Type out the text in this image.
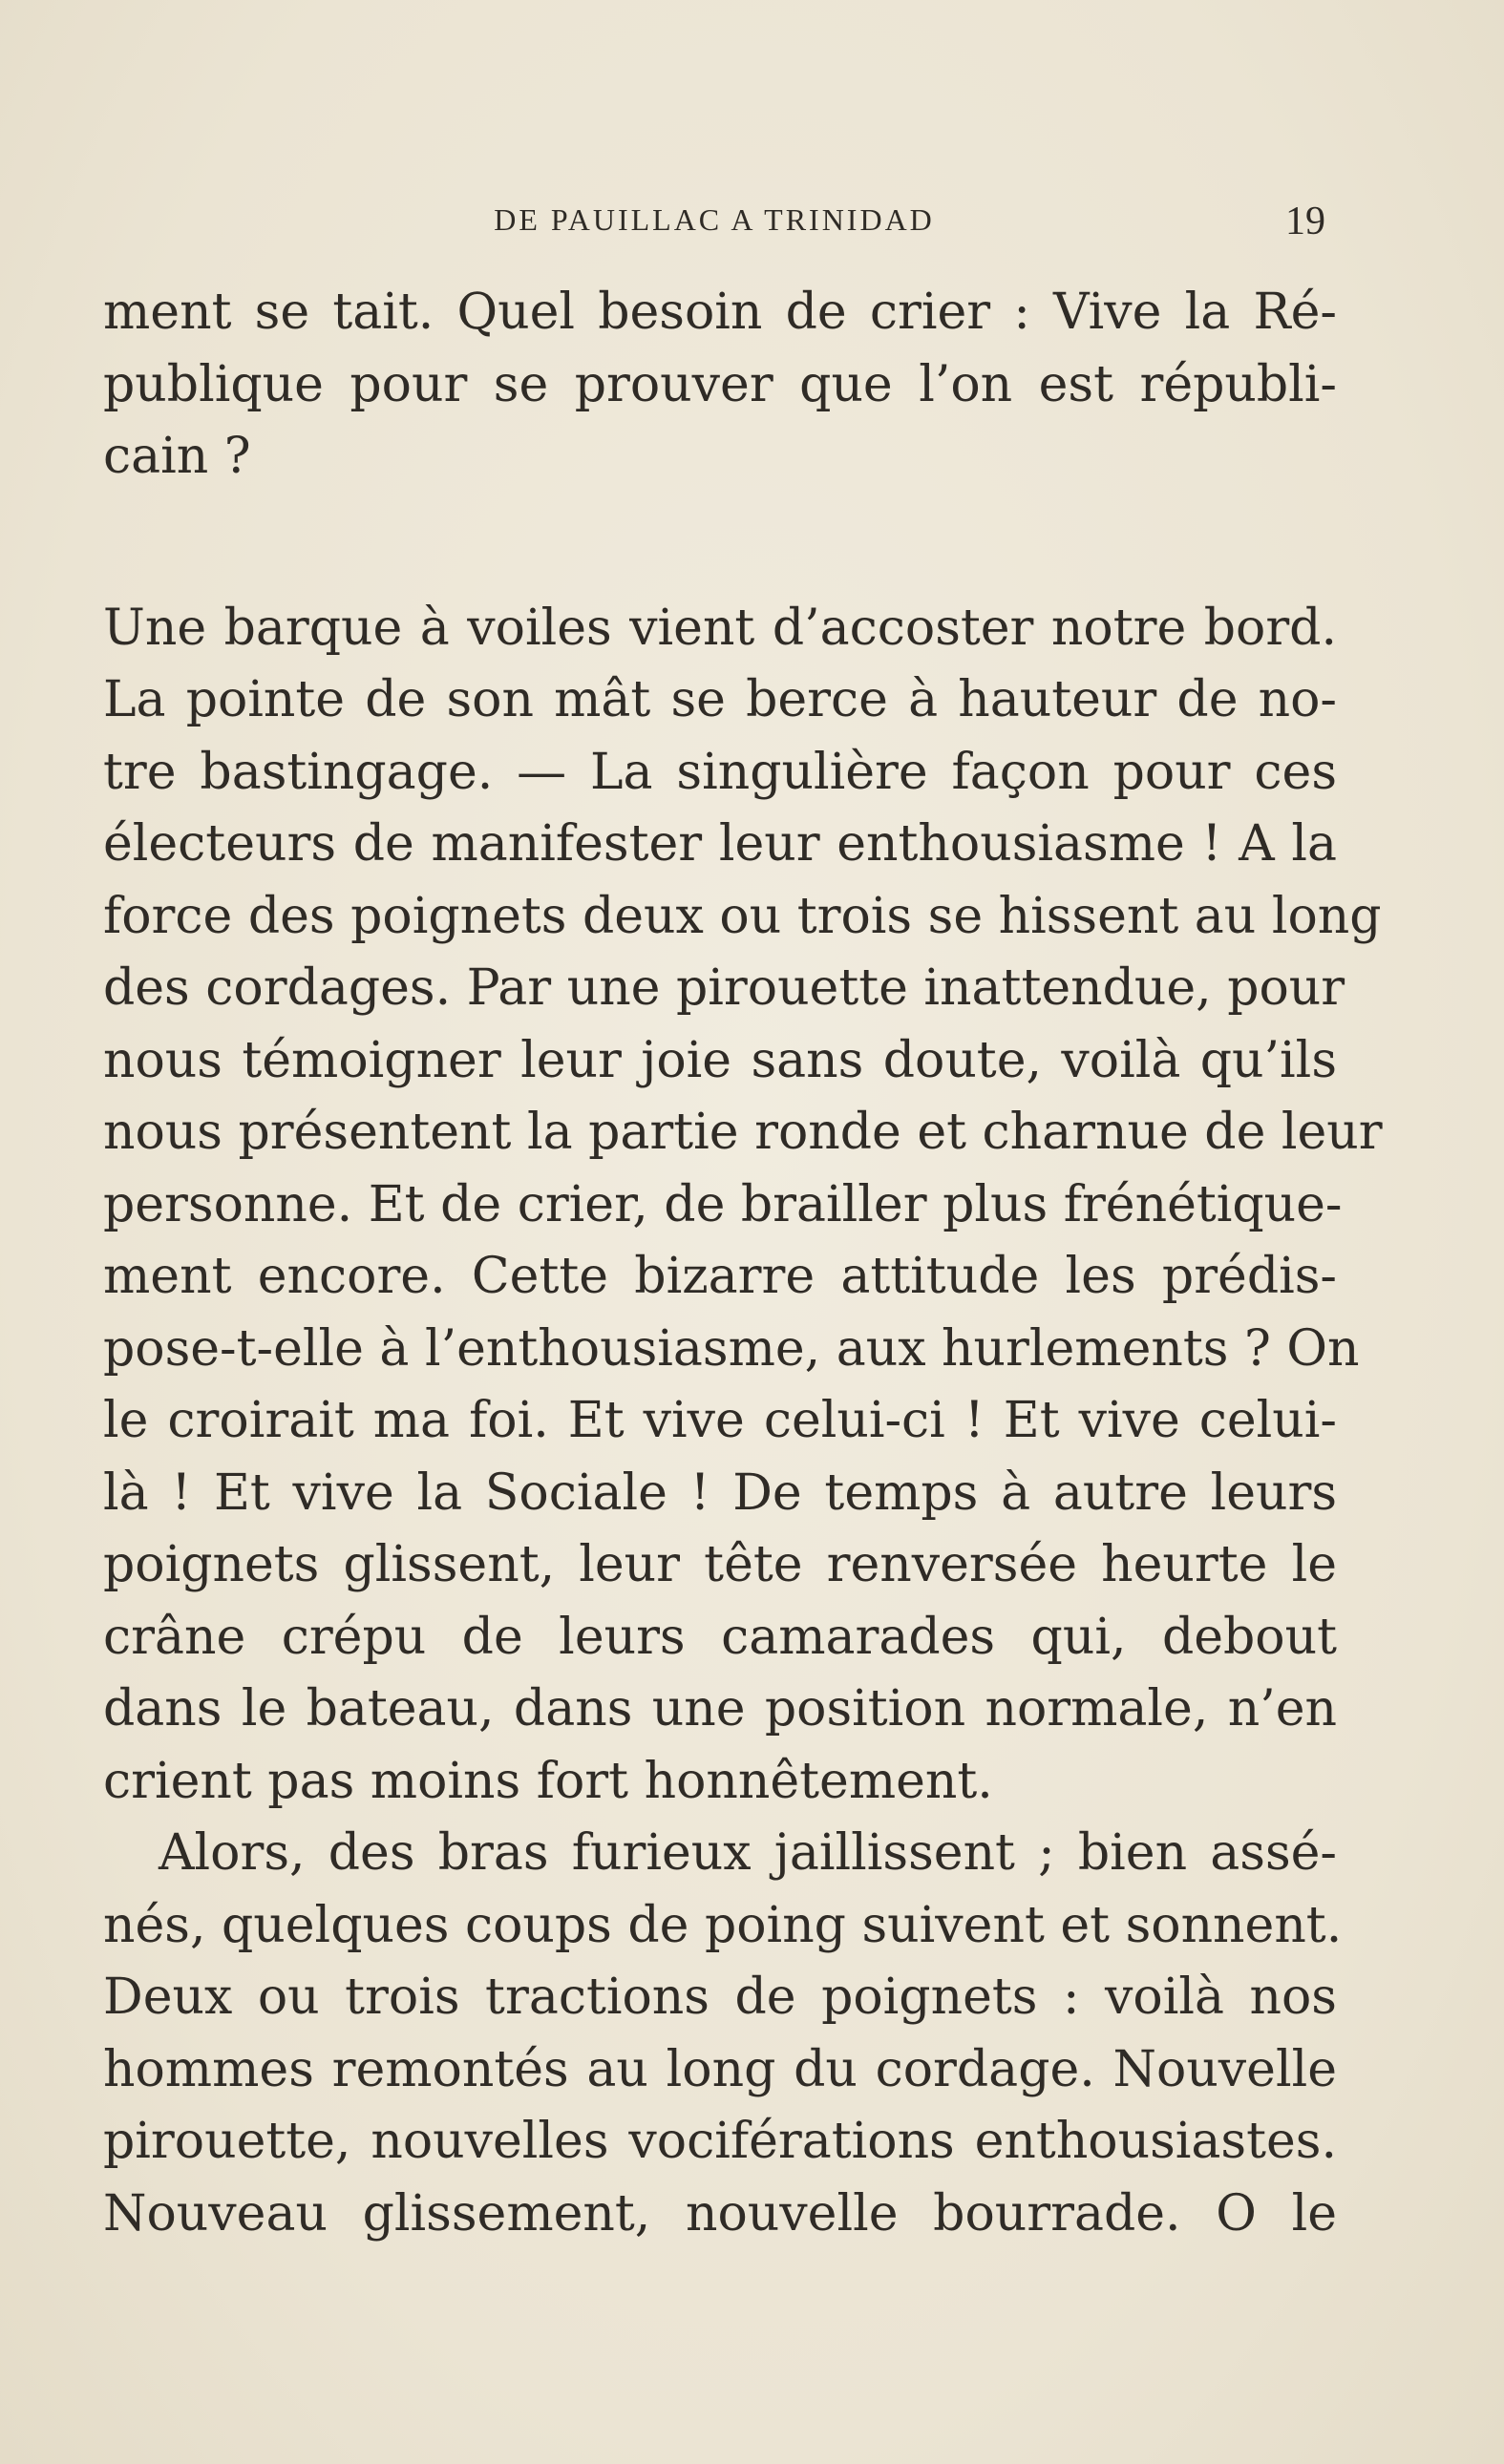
DE PAUILLAC A TRINIDAD	19
ment se tait. Quel besoin de crier : Vive la Ré-
publique pour se prouver que l’on est républi-
cain ?
Une barque à voiles vient d’accoster notre bord.
La pointe de son mât se berce à hauteur de no-
tre bastingage. — La singulière façon pour ces
électeurs de manifester leur enthousiasme ! A la
force des poignets deux ou trois se hissent au long
des cordages. Par une pirouette inattendue, pour
nous témoigner leur joie sans doute, voilà qu’ils
nous présentent la partie ronde et charnue de leur
personne. Et de crier, de brailler plus frénétique-
ment encore. Cette bizarre attitude les prédis-
pose-t-elle à l’enthousiasme, aux hurlements ? On
le croirait ma foi. Et vive celui-ci ! Et vive celui-
là ! Et vive la Sociale ! De temps à autre leurs
poignets glissent, leur tête renversée heurte le
crâne crépu de leurs camarades qui, debout
dans le bateau, dans une position normale, n’en
crient pas moins fort honnêtement.
Alors, des bras furieux jaillissent ; bien assé-
nés, quelques coups de poing suivent et sonnent.
Deux ou trois tractions de poignets : voilà nos
hommes remontés au long du cordage. Nouvelle
pirouette, nouvelles vociférations enthousiastes.
Nouveau glissement, nouvelle bourrade. O le
